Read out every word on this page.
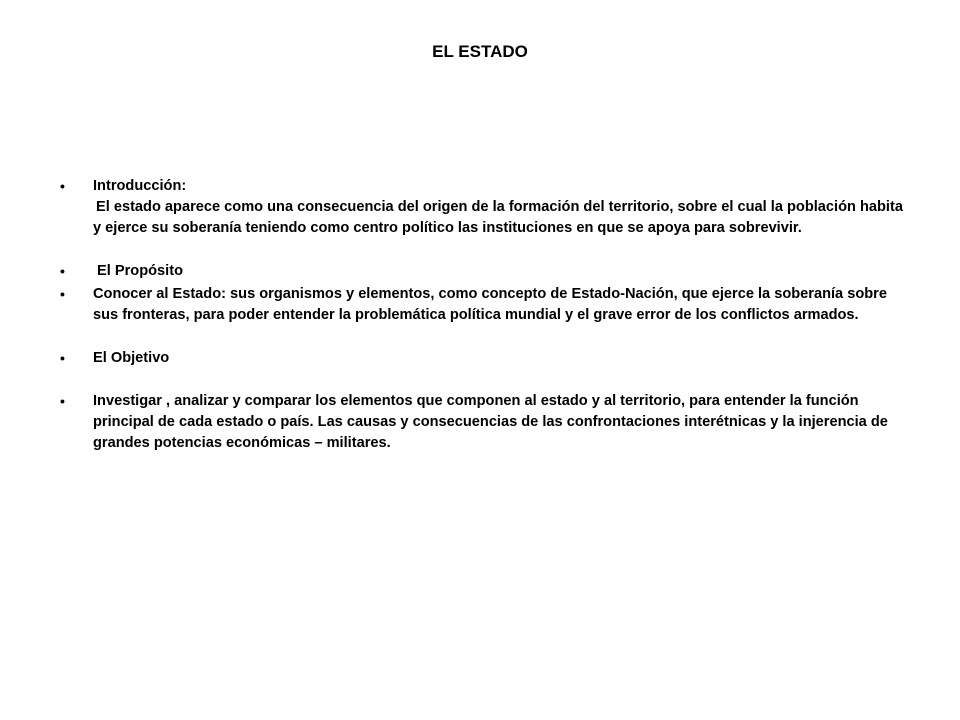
EL ESTADO
•	Introducción:

El estado aparece como una consecuencia del origen de la formación del territorio, sobre el cual la población habita y ejerce su soberanía teniendo como centro político las instituciones en que se apoya para sobrevivir.

•	El Propósito
•	Conocer al Estado: sus organismos y elementos, como concepto de Estado-Nación, que ejerce la soberanía sobre sus fronteras, para poder entender la problemática política mundial y el grave error de los conflictos armados.
•	El Objetivo
•	Investigar , analizar y comparar los elementos que componen al estado y al territorio, para entender la función principal de cada estado o país. Las causas y consecuencias de las confrontaciones interétnicas y la injerencia de grandes potencias económicas – militares.
